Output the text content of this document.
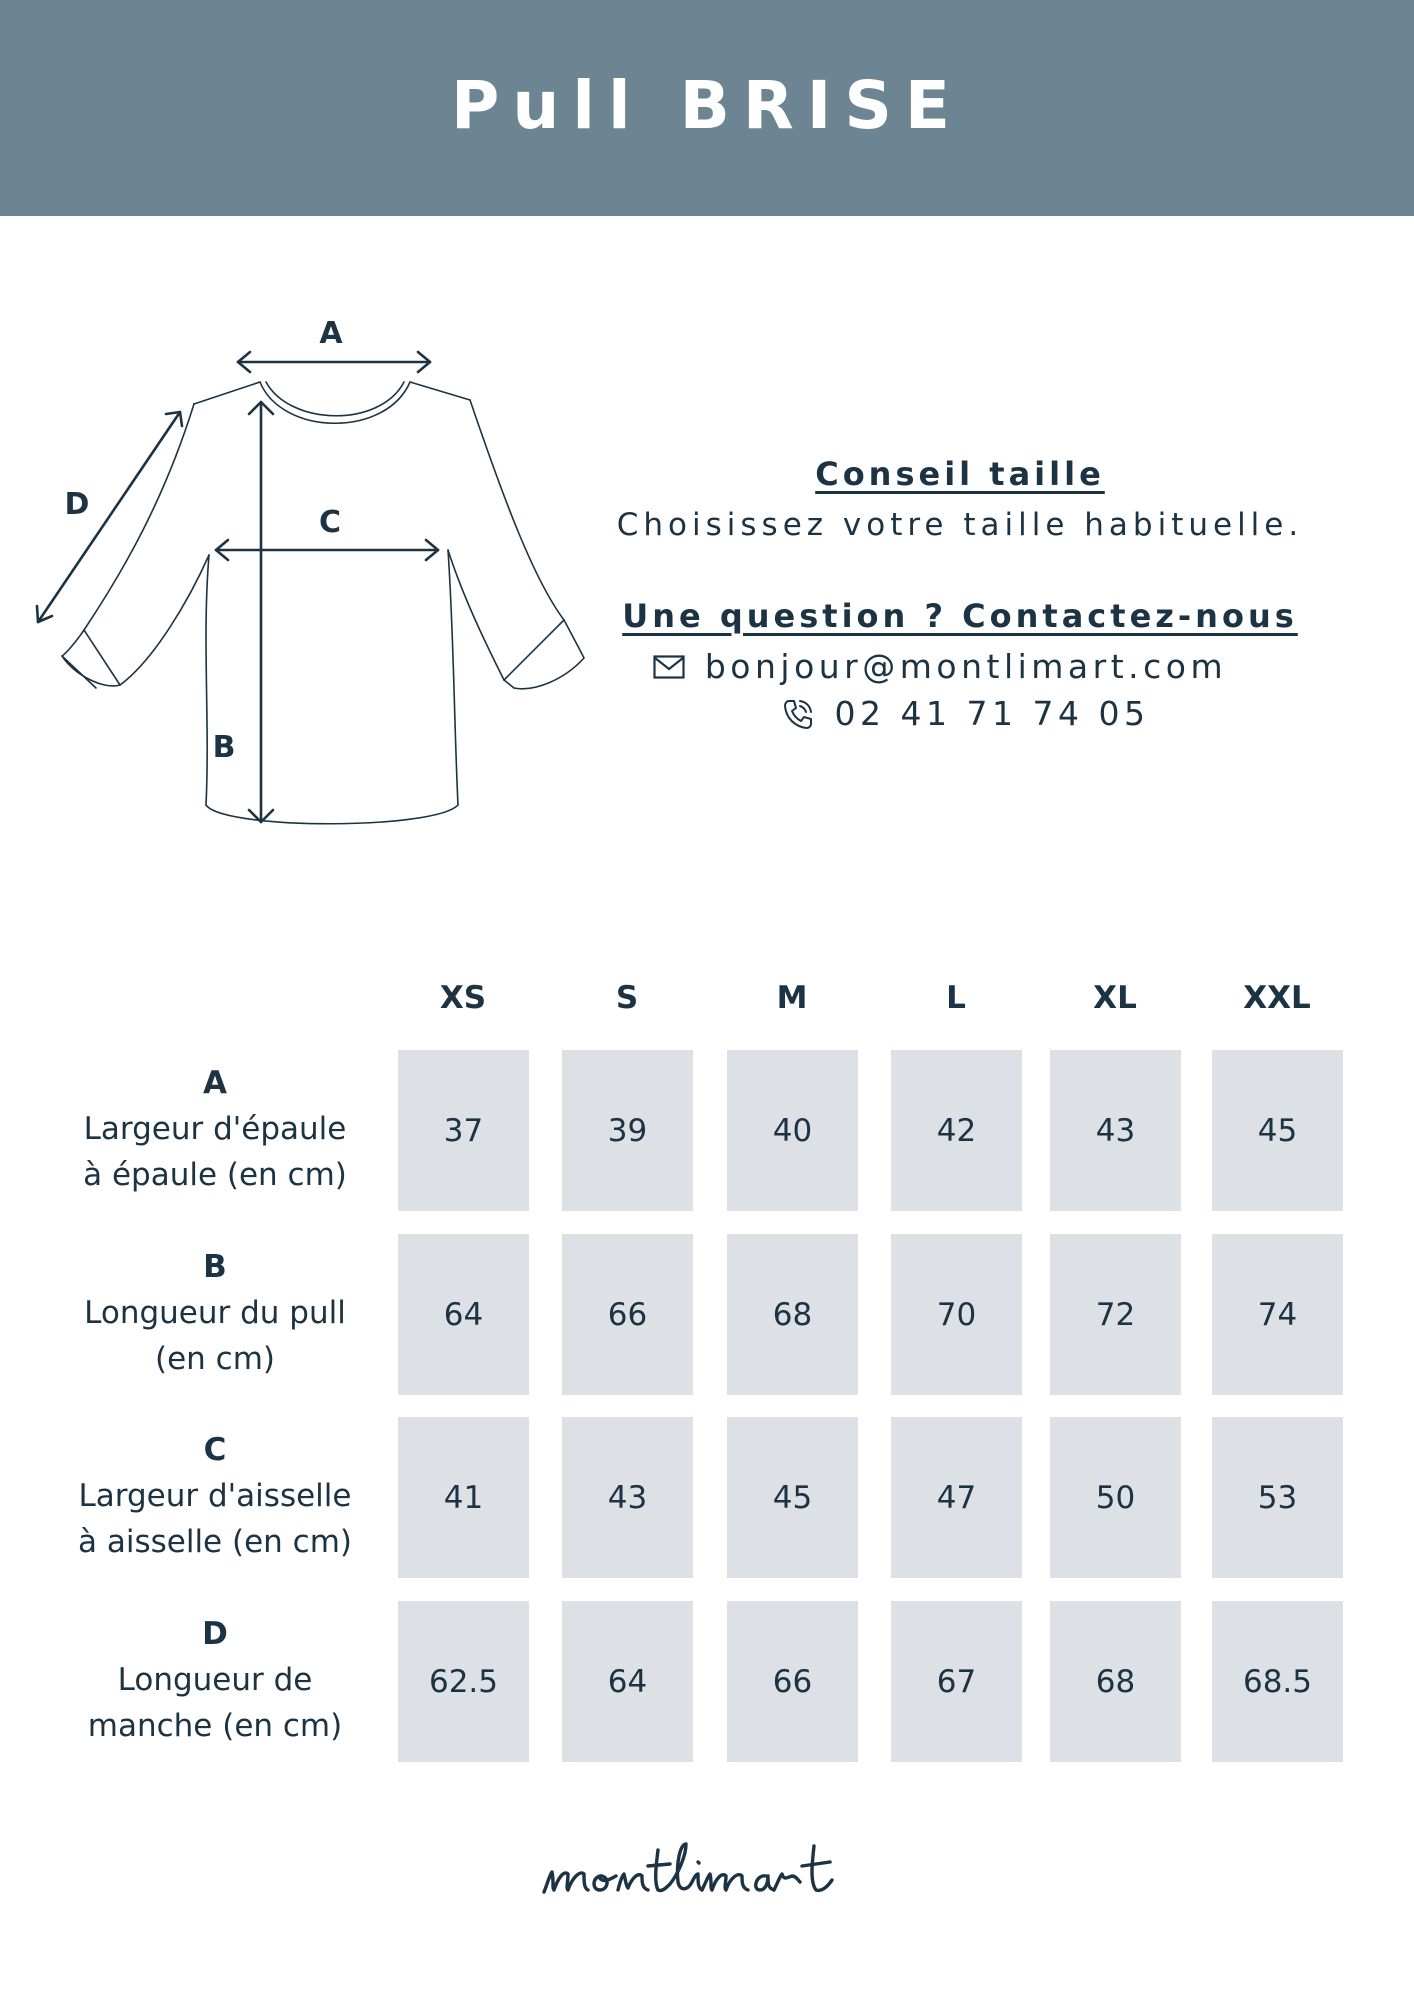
Pull BRISE
A
B
C
D
Conseil taille
Choisissez votre taille habituelle.
Une question ? Contactez-nous
bonjour@montlimart.com
02 41 71 74 05
XS	S	M	L	XL	XXL
A
Largeur d'épaule
à épaule (en cm)
37	39	40	42	43	45
B
Longueur du pull
(en cm)
64	66	68	70	72	74
C
Largeur d'aisselle
à aisselle (en cm)
41	43	45	47	50	53
D
Longueur de
manche (en cm)
62.5	64	66	67	68	68.5
